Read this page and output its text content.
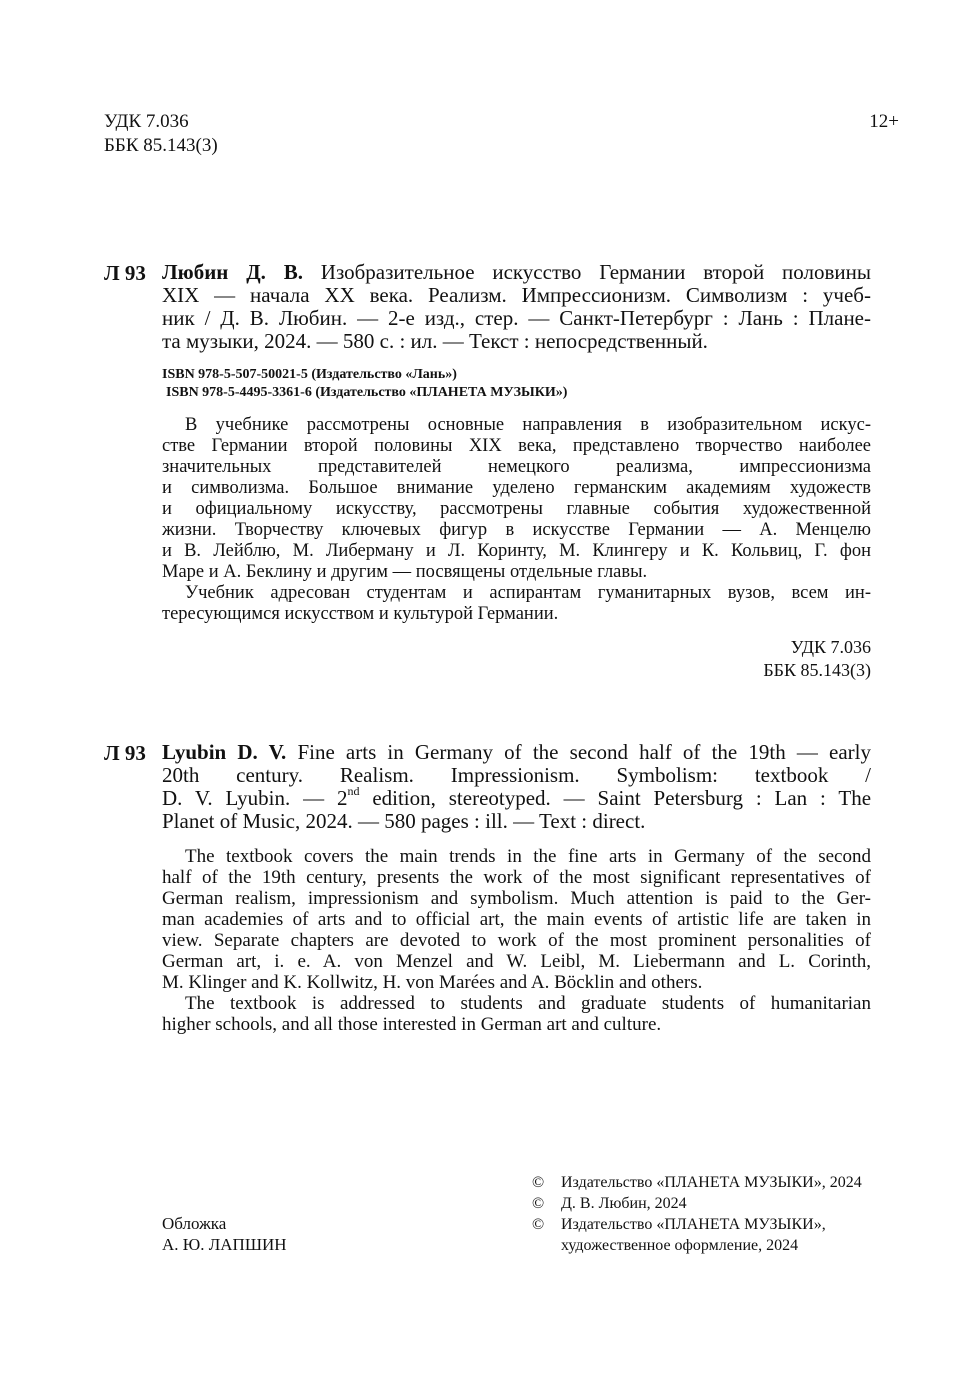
УДК 7.036
ББК 85.143(3)
12+
Л 93 Любин Д. В. Изобразительное искусство Германии второй половины
XIX — начала XX века. Реализм. Импрессионизм. Символизм : учеб-
ник / Д. В. Любин. — 2-е изд., стер. — Санкт-Петербург : Лань : Плане-
та музыки, 2024. — 580 с. : ил. — Текст : непосредственный.
ISBN 978-5-507-50021-5 (Издательство «Лань»)
ISBN 978-5-4495-3361-6 (Издательство «ПЛАНЕТА МУЗЫКИ»)
В учебнике рассмотрены основные направления в изобразительном искус-
стве Германии второй половины XIX века, представлено творчество наиболее
значительных представителей немецкого реализма, импрессионизма
и символизма. Большое внимание уделено германским академиям художеств
и официальному искусству, рассмотрены главные события художественной
жизни. Творчеству ключевых фигур в искусстве Германии — А. Менцелю
и В. Лейблю, М. Либерману и Л. Коринту, М. Клингеру и К. Кольвиц, Г. фон
Маре и А. Беклину и другим — посвящены отдельные главы.
Учебник адресован студентам и аспирантам гуманитарных вузов, всем ин-
тересующимся искусством и культурой Германии.
УДК 7.036
ББК 85.143(3)
Л 93 Lyubin D. V. Fine arts in Germany of the second half of the 19th — early
20th century. Realism. Impressionism. Symbolism: textbook /
D. V. Lyubin. — 2nd edition, stereotyped. — Saint Petersburg : Lan : The
Planet of Music, 2024. — 580 pages : ill. — Text : direct.
The textbook covers the main trends in the fine arts in Germany of the second
half of the 19th century, presents the work of the most significant representatives of
German realism, impressionism and symbolism. Much attention is paid to the Ger-
man academies of arts and to official art, the main events of artistic life are taken in
view. Separate chapters are devoted to work of the most prominent personalities of
German art, i. e. A. von Menzel and W. Leibl, M. Liebermann and L. Corinth,
M. Klinger and K. Kollwitz, H. von Marées and A. Böcklin and others.
The textbook is addressed to students and graduate students of humanitarian
higher schools, and all those interested in German art and culture.
Обложка
А. Ю. ЛАПШИН
©	Издательство «ПЛАНЕТА МУЗЫКИ», 2024
©	Д. В. Любин, 2024
©	Издательство «ПЛАНЕТА МУЗЫКИ»,
художественное оформление, 2024
